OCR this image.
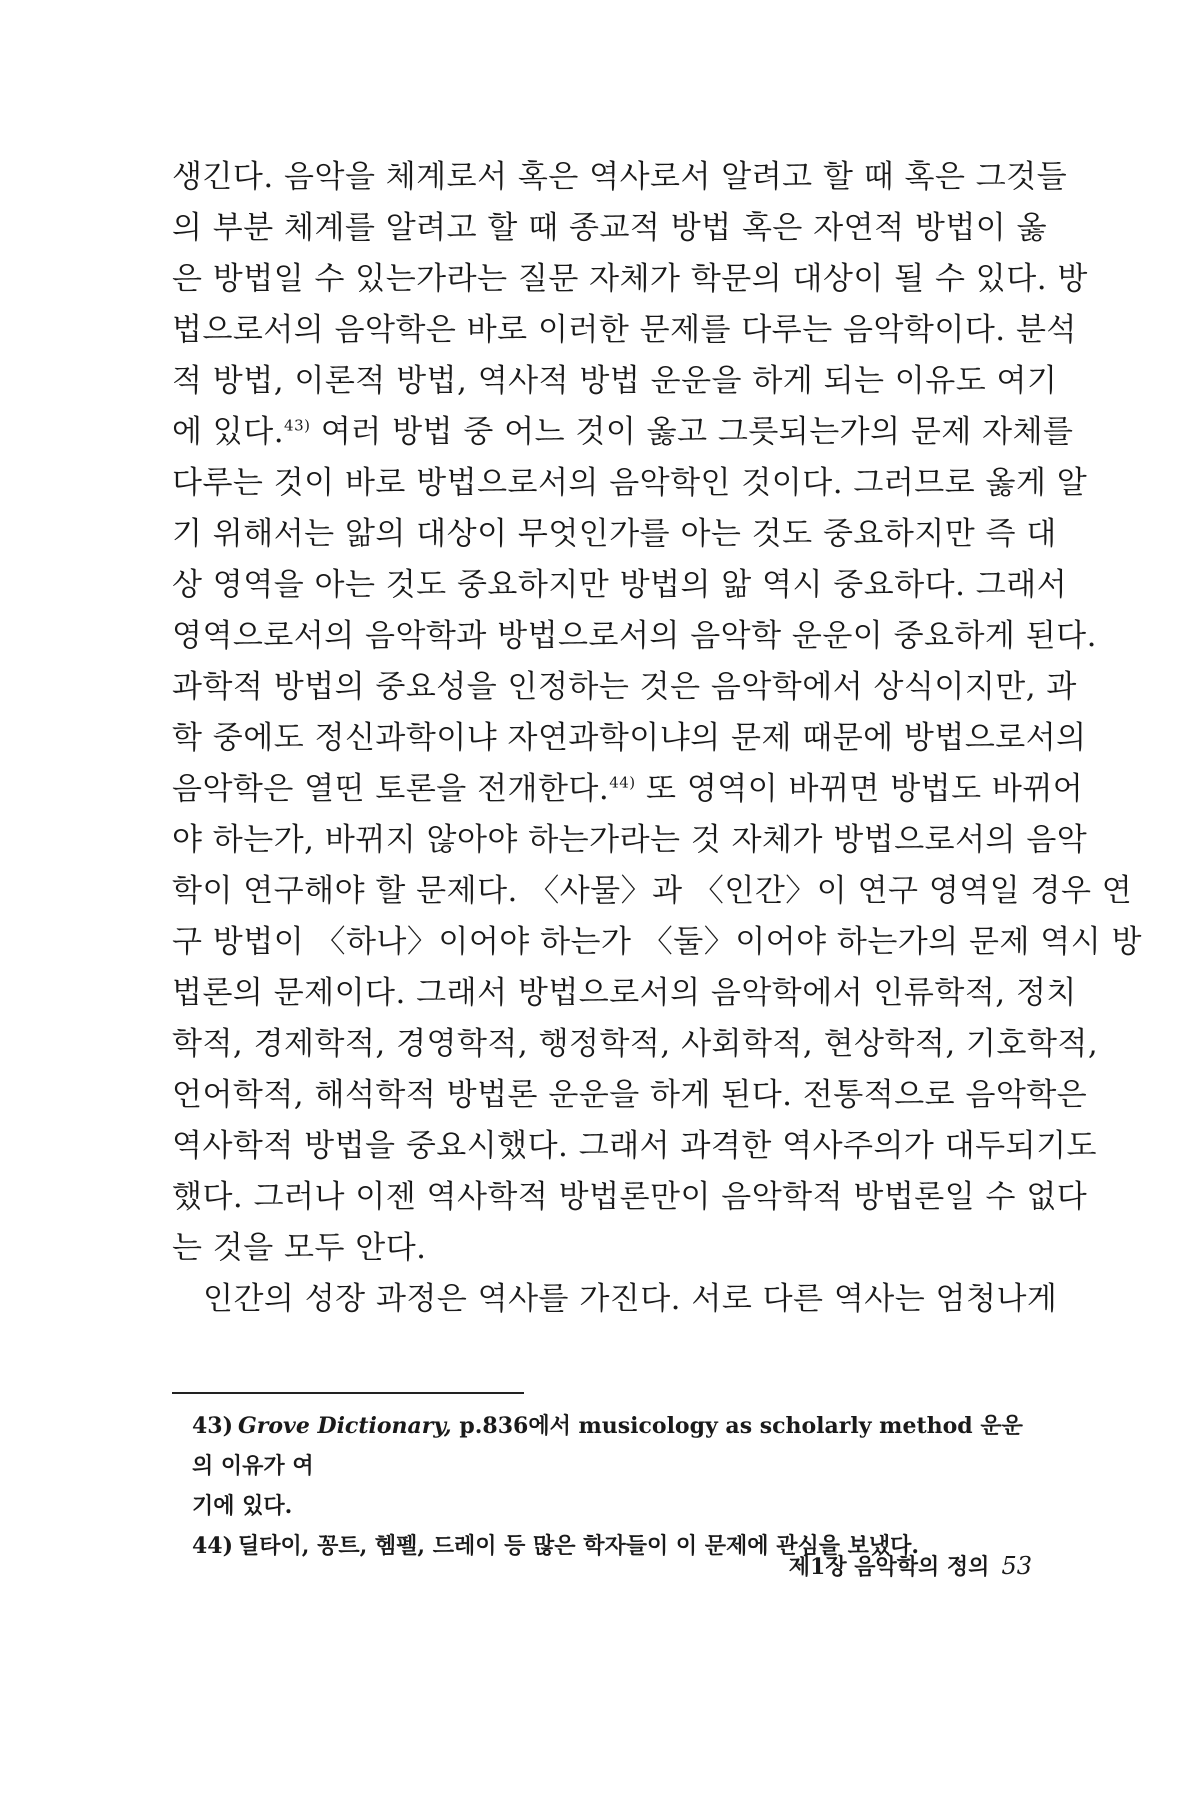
생긴다. 음악을 체계로서 혹은 역사로서 알려고 할 때 혹은 그것들
의 부분 체계를 알려고 할 때 종교적 방법 혹은 자연적 방법이 옳
은 방법일 수 있는가라는 질문 자체가 학문의 대상이 될 수 있다. 방
법으로서의 음악학은 바로 이러한 문제를 다루는 음악학이다. 분석
적 방법, 이론적 방법, 역사적 방법 운운을 하게 되는 이유도 여기
에 있다.$^{43)}$ 여러 방법 중 어느 것이 옳고 그릇되는가의 문제 자체를
다루는 것이 바로 방법으로서의 음악학인 것이다. 그러므로 옳게 알
기 위해서는 앎의 대상이 무엇인가를 아는 것도 중요하지만 즉 대
상 영역을 아는 것도 중요하지만 방법의 앎 역시 중요하다. 그래서
영역으로서의 음악학과 방법으로서의 음악학 운운이 중요하게 된다.
과학적 방법의 중요성을 인정하는 것은 음악학에서 상식이지만, 과
학 중에도 정신과학이냐 자연과학이냐의 문제 때문에 방법으로서의
음악학은 열띤 토론을 전개한다.$^{44)}$ 또 영역이 바뀌면 방법도 바뀌어
야 하는가, 바뀌지 않아야 하는가라는 것 자체가 방법으로서의 음악
학이 연구해야 할 문제다. 〈사물〉과 〈인간〉이 연구 영역일 경우 연
구 방법이 〈하나〉이어야 하는가 〈둘〉이어야 하는가의 문제 역시 방
법론의 문제이다. 그래서 방법으로서의 음악학에서 인류학적, 정치
학적, 경제학적, 경영학적, 행정학적, 사회학적, 현상학적, 기호학적,
언어학적, 해석학적 방법론 운운을 하게 된다. 전통적으로 음악학은
역사학적 방법을 중요시했다. 그래서 과격한 역사주의가 대두되기도
했다. 그러나 이젠 역사학적 방법론만이 음악학적 방법론일 수 없다
는 것을 모두 안다.
인간의 성장 과정은 역사를 가진다. 서로 다른 역사는 엄청나게
43) Grove Dictionary, p.836에서 musicology as scholarly method 운운의 이유가 여
기에 있다.
44) 딜타이, 꽁트, 헴펠, 드레이 등 많은 학자들이 이 문제에 관심을 보냈다.
제1장 음악학의 정의 53
